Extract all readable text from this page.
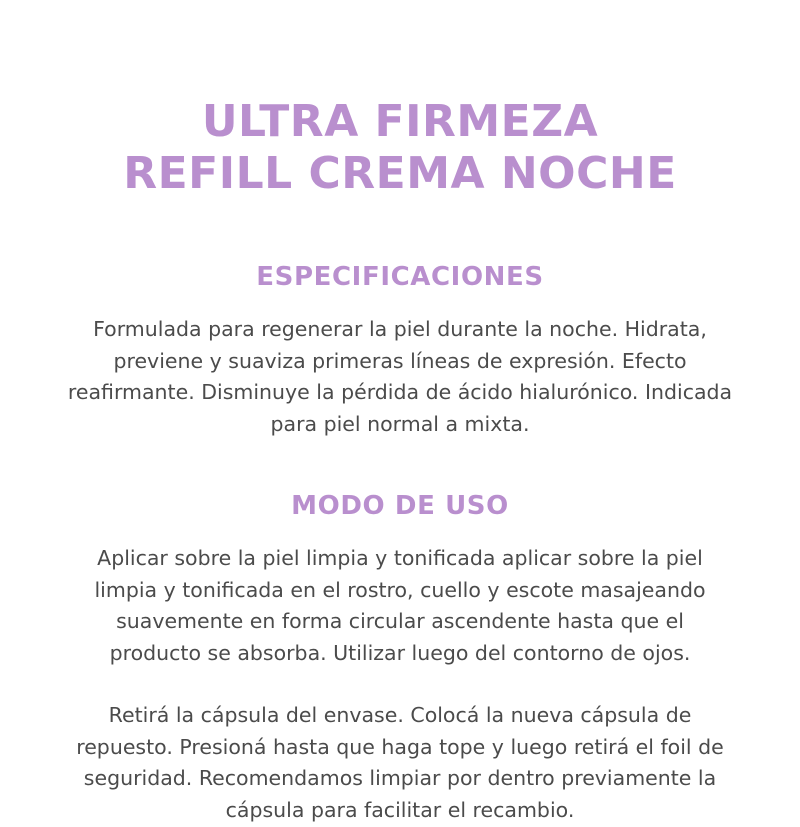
ULTRA FIRMEZA
REFILL CREMA NOCHE
ESPECIFICACIONES

Formulada para regenerar la piel durante la noche. Hidrata, previene y suaviza primeras líneas de expresión. Efecto reafirmante. Disminuye la pérdida de ácido hialurónico. Indicada para piel normal a mixta.

MODO DE USO

Aplicar sobre la piel limpia y tonificada aplicar sobre la piel limpia y tonificada en el rostro, cuello y escote masajeando suavemente en forma circular ascendente hasta que el producto se absorba. Utilizar luego del contorno de ojos.

Retirá la cápsula del envase. Colocá la nueva cápsula de repuesto. Presioná hasta que haga tope y luego retirá el foil de seguridad. Recomendamos limpiar por dentro previamente la cápsula para facilitar el recambio.
